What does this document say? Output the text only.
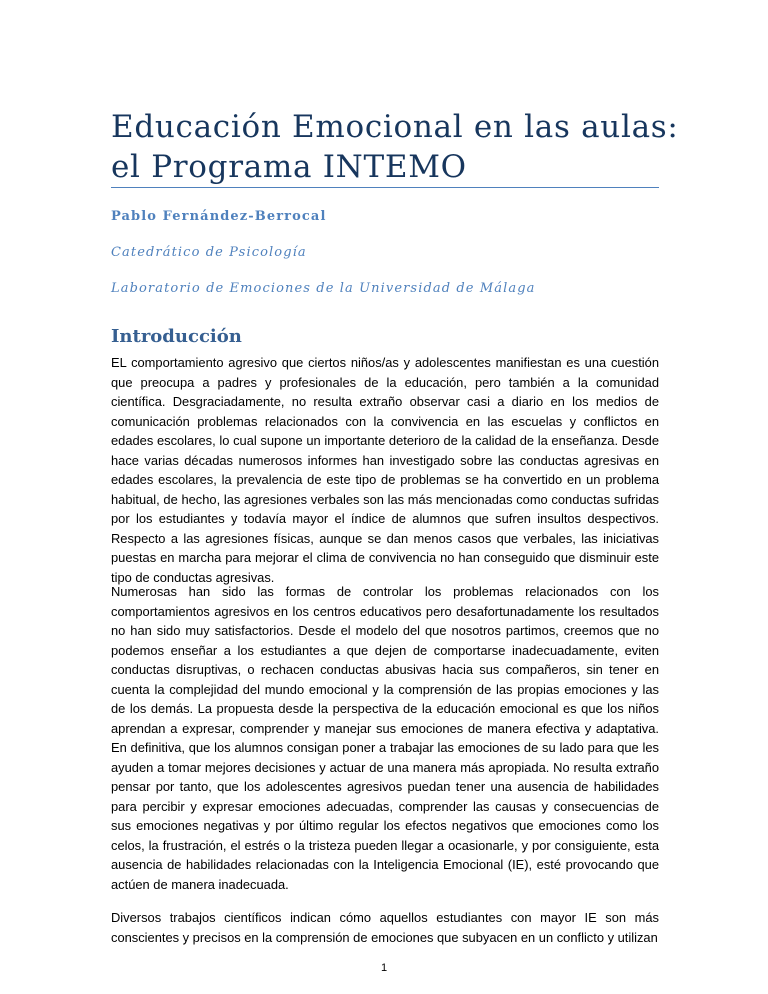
Educación Emocional en las aulas: el Programa INTEMO

Pablo Fernández-Berrocal

Catedrático de Psicología

Laboratorio de Emociones de la Universidad de Málaga

Introducción

EL comportamiento agresivo que ciertos niños/as y adolescentes manifiestan es una cuestión que preocupa a padres y profesionales de la educación, pero también a la comunidad científica. Desgraciadamente, no resulta extraño observar casi a diario en los medios de comunicación problemas relacionados con la convivencia en las escuelas y conflictos en edades escolares, lo cual supone un importante deterioro de la calidad de la enseñanza. Desde hace varias décadas numerosos informes han investigado sobre las conductas agresivas en edades escolares, la prevalencia de este tipo de problemas se ha convertido en un problema habitual, de hecho, las agresiones verbales son las más mencionadas como conductas sufridas por los estudiantes y todavía mayor el índice de alumnos que sufren insultos despectivos. Respecto a las agresiones físicas, aunque se dan menos casos que verbales, las iniciativas puestas en marcha para mejorar el clima de convivencia no han conseguido que disminuir este tipo de conductas agresivas.

Numerosas han sido las formas de controlar los problemas relacionados con los comportamientos agresivos en los centros educativos pero desafortunadamente los resultados no han sido muy satisfactorios. Desde el modelo del que nosotros partimos, creemos que no podemos enseñar a los estudiantes a que dejen de comportarse inadecuadamente, eviten conductas disruptivas, o rechacen conductas abusivas hacia sus compañeros, sin tener en cuenta la complejidad del mundo emocional y la comprensión de las propias emociones y las de los demás. La propuesta desde la perspectiva de la educación emocional es que los niños aprendan a expresar, comprender y manejar sus emociones de manera efectiva y adaptativa. En definitiva, que los alumnos consigan poner a trabajar las emociones de su lado para que les ayuden a tomar mejores decisiones y actuar de una manera más apropiada. No resulta extraño pensar por tanto, que los adolescentes agresivos puedan tener una ausencia de habilidades para percibir y expresar emociones adecuadas, comprender las causas y consecuencias de sus emociones negativas y por último regular los efectos negativos que emociones como los celos, la frustración, el estrés o la tristeza pueden llegar a ocasionarle, y por consiguiente, esta ausencia de habilidades relacionadas con la Inteligencia Emocional (IE), esté provocando que actúen de manera inadecuada.

Diversos trabajos científicos indican cómo aquellos estudiantes con mayor IE son más conscientes y precisos en la comprensión de emociones que subyacen en un conflicto y utilizan

1
